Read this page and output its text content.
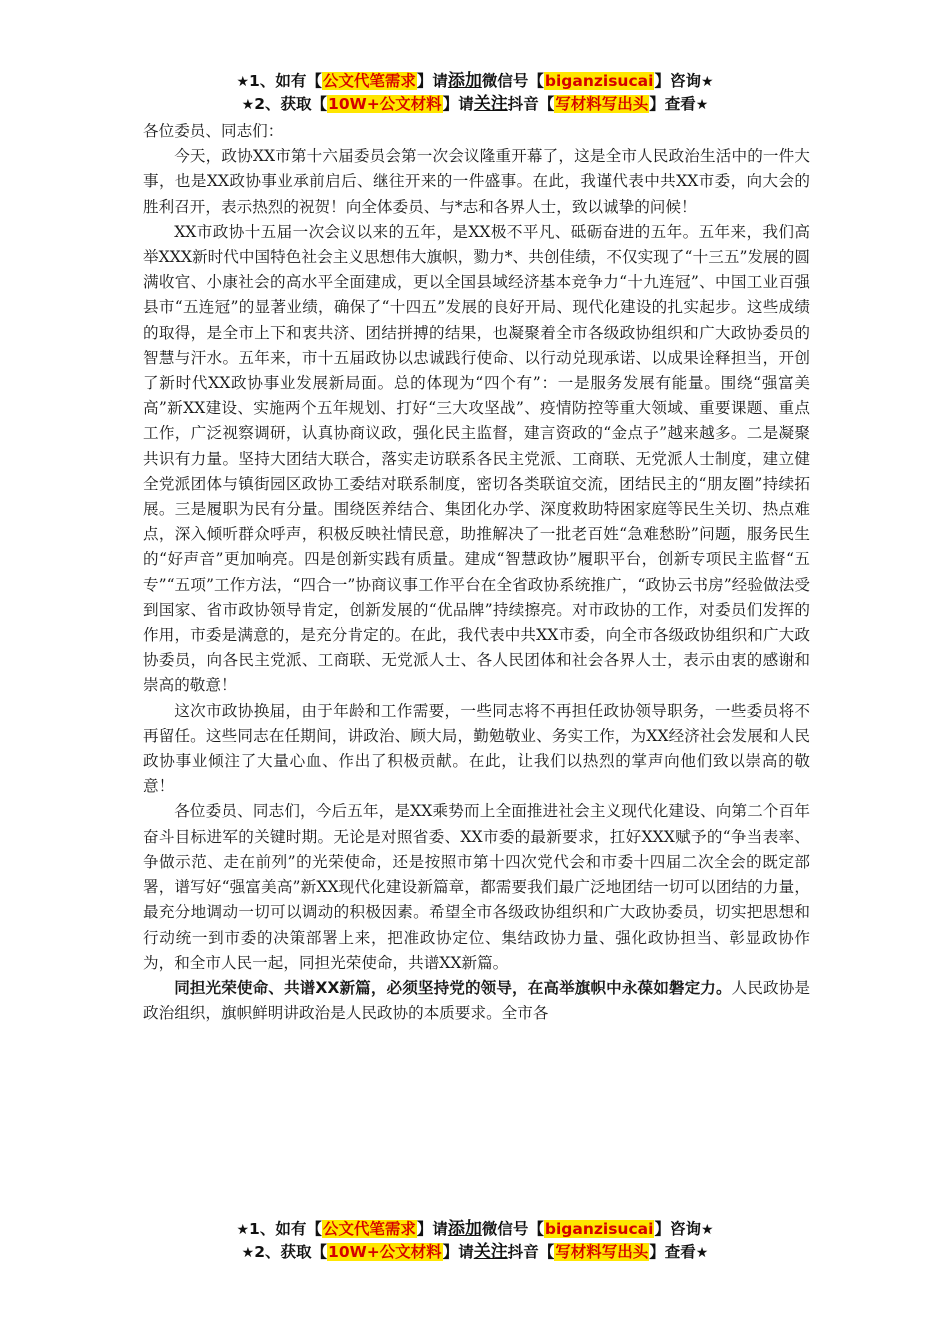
★1、如有【公文代笔需求】请添加微信号【biganzisucai】咨询★
★2、获取【10W+公文材料】请关注抖音【写材料写出头】查看★

各位委员、同志们：

今天，政协XX市第十六届委员会第一次会议隆重开幕了，这是全市人民政治生活中的一件大事，也是XX政协事业承前启后、继往开来的一件盛事。在此，我谨代表中共XX市委，向大会的胜利召开，表示热烈的祝贺！向全体委员、与*志和各界人士，致以诚挚的问候！

XX市政协十五届一次会议以来的五年，是XX极不平凡、砥砺奋进的五年。五年来，我们高举XXX新时代中国特色社会主义思想伟大旗帜，勠力*、共创佳绩，不仅实现了“十三五”发展的圆满收官、小康社会的高水平全面建成，更以全国县域经济基本竞争力“十九连冠”、中国工业百强县市“五连冠”的显著业绩，确保了“十四五”发展的良好开局、现代化建设的扎实起步。这些成绩的取得，是全市上下和衷共济、团结拼搏的结果，也凝聚着全市各级政协组织和广大政协委员的智慧与汗水。五年来，市十五届政协以忠诚践行使命、以行动兑现承诺、以成果诠释担当，开创了新时代XX政协事业发展新局面。总的体现为“四个有”：一是服务发展有能量。围绕“强富美高”新XX建设、实施两个五年规划、打好“三大攻坚战”、疫情防控等重大领域、重要课题、重点工作，广泛视察调研，认真协商议政，强化民主监督，建言资政的“金点子”越来越多。二是凝聚共识有力量。坚持大团结大联合，落实走访联系各民主党派、工商联、无党派人士制度，建立健全党派团体与镇街园区政协工委结对联系制度，密切各类联谊交流，团结民主的“朋友圈”持续拓展。三是履职为民有分量。围绕医养结合、集团化办学、深度救助特困家庭等民生关切、热点难点，深入倾听群众呼声，积极反映社情民意，助推解决了一批老百姓“急难愁盼”问题，服务民生的“好声音”更加响亮。四是创新实践有质量。建成“智慧政协”履职平台，创新专项民主监督“五专”“五项”工作方法，“四合一”协商议事工作平台在全省政协系统推广，“政协云书房”经验做法受到国家、省市政协领导肯定，创新发展的“优品牌”持续擦亮。对市政协的工作，对委员们发挥的作用，市委是满意的，是充分肯定的。在此，我代表中共XX市委，向全市各级政协组织和广大政协委员，向各民主党派、工商联、无党派人士、各人民团体和社会各界人士，表示由衷的感谢和崇高的敬意！

这次市政协换届，由于年龄和工作需要，一些同志将不再担任政协领导职务，一些委员将不再留任。这些同志在任期间，讲政治、顾大局，勤勉敬业、务实工作，为XX经济社会发展和人民政协事业倾注了大量心血、作出了积极贡献。在此，让我们以热烈的掌声向他们致以崇高的敬意！

各位委员、同志们，今后五年，是XX乘势而上全面推进社会主义现代化建设、向第二个百年奋斗目标进军的关键时期。无论是对照省委、XX市委的最新要求，扛好XXX赋予的“争当表率、争做示范、走在前列”的光荣使命，还是按照市第十四次党代会和市委十四届二次全会的既定部署，谱写好“强富美高”新XX现代化建设新篇章，都需要我们最广泛地团结一切可以团结的力量，最充分地调动一切可以调动的积极因素。希望全市各级政协组织和广大政协委员，切实把思想和行动统一到市委的决策部署上来，把准政协定位、集结政协力量、强化政协担当、彰显政协作为，和全市人民一起，同担光荣使命，共谱XX新篇。

同担光荣使命、共谱XX新篇，必须坚持党的领导，在高举旗帜中永葆如磐定力。人民政协是政治组织，旗帜鲜明讲政治是人民政协的本质要求。全市各

★1、如有【公文代笔需求】请添加微信号【biganzisucai】咨询★
★2、获取【10W+公文材料】请关注抖音【写材料写出头】查看★
